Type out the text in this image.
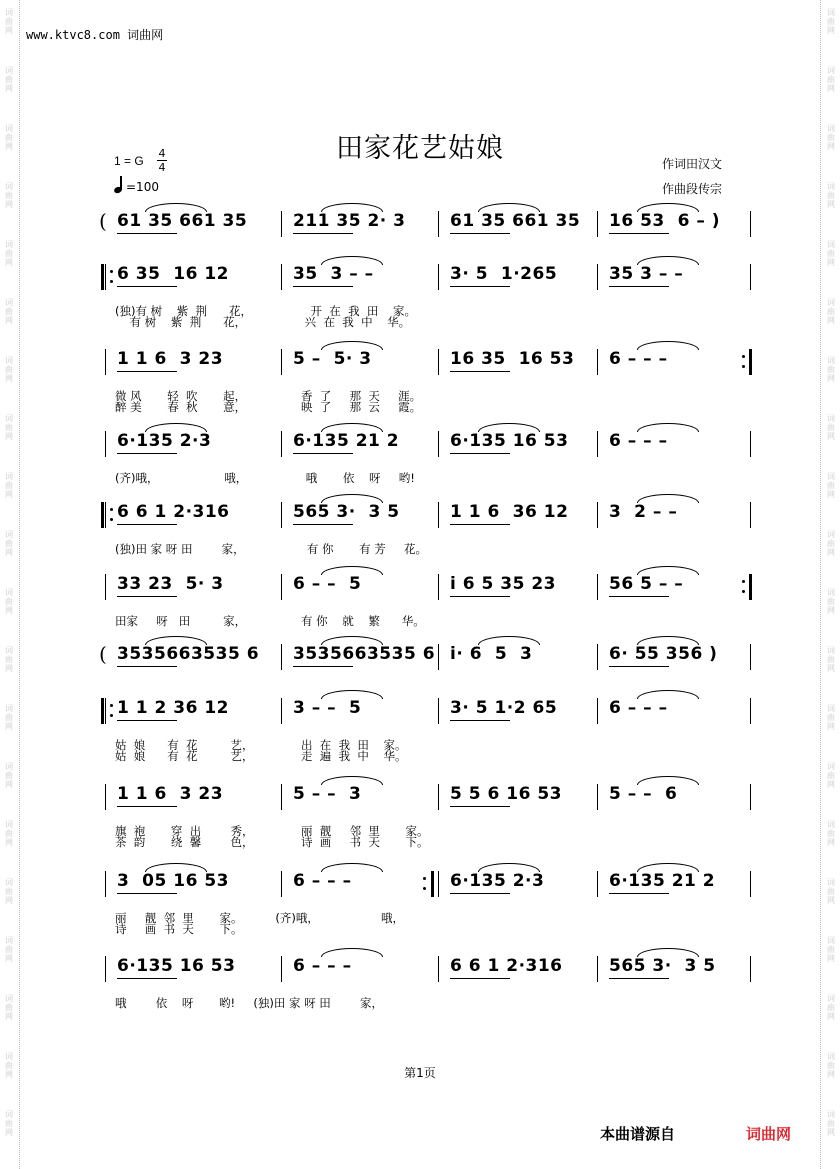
词
曲
网
词
曲
网
词
曲
网
词
曲
网
词
曲
网
词
曲
网
词
曲
网
词
曲
网
词
曲
网
词
曲
网
词
曲
网
词
曲
网
词
曲
网
词
曲
网
词
曲
网
词
曲
网
词
曲
网
词
曲
网
词
曲
网
词
曲
网
词
曲
网
词
曲
网
词
曲
网
词
曲
网
词
曲
网
词
曲
网
词
曲
网
词
曲
网
词
曲
网
词
曲
网
词
曲
网
词
曲
网
词
曲
网
词
曲
网
词
曲
网
词
曲
网
词
曲
网
词
曲
网
词
曲
网
词
曲
网
www.ktvc8.com 词曲网
田家花艺姑娘
1 = G
4
4
=100
作词田汉文
作曲段传宗
( 61 35 661 35	211 35 2· 3	61 35 661 35 16 53  6 – )
6 35  16 12	35  3 – –	3· 5  1·265	35 3 – –
(独)有 树    紫  荆      花，                开  在  我  田    家。
有 树    紫  荆      花，                兴  在  我  中    华。
1 1 6  3 23	5 –  5· 3	16 35  16 53 6 – – –
微 风       轻  吹       起，               香  了     那  天     涯。
醉 美       春  秋       意，               映  了     那  云     霞。
6·135 2·3	6·135 21 2	6·135 16 53 6 – – –
(齐)哦，                  哦，                哦       依    呀     哟!
6 6 1 2·316	565 3·  3 5	1 1 6  36 12 3  2 – –
(独)田 家 呀 田        家，                 有 你       有 芳     花。
33 23  5· 3	6 – –  5	i 6 5 35 23	56 5 – –
田家     呀   田         家，               有 你    就    繁      华。
( 3535663535 6 3535663535 6 i· 6  5  3	6· 55 356 )
1 1 2 36 12	3 – –  5	3· 5 1·2 65	6 – – –
姑  娘      有  花         艺，             出  在  我  田    家。
姑  娘      有  花         艺，             走  遍  我  中    华。
1 1 6  3 23	5 – –  3	5 5 6 16 53	5 – –  6
旗  袍       穿  出        秀，             丽  靓     邻  里       家。
茶  韵       绕  馨        色，             诗  画     书  天       下。
3  05 16 53	6 – – –	6·135 2·3	6·135 21 2
丽     靓  邻  里       家。         (齐)哦，                 哦，
诗     画  书  天       下。
6·135 16 53	6 – – –	6 6 1 2·316	565 3·  3 5
哦        依    呀       哟!     (独)田 家 呀 田        家，
第1页
本曲谱源自	词曲网
